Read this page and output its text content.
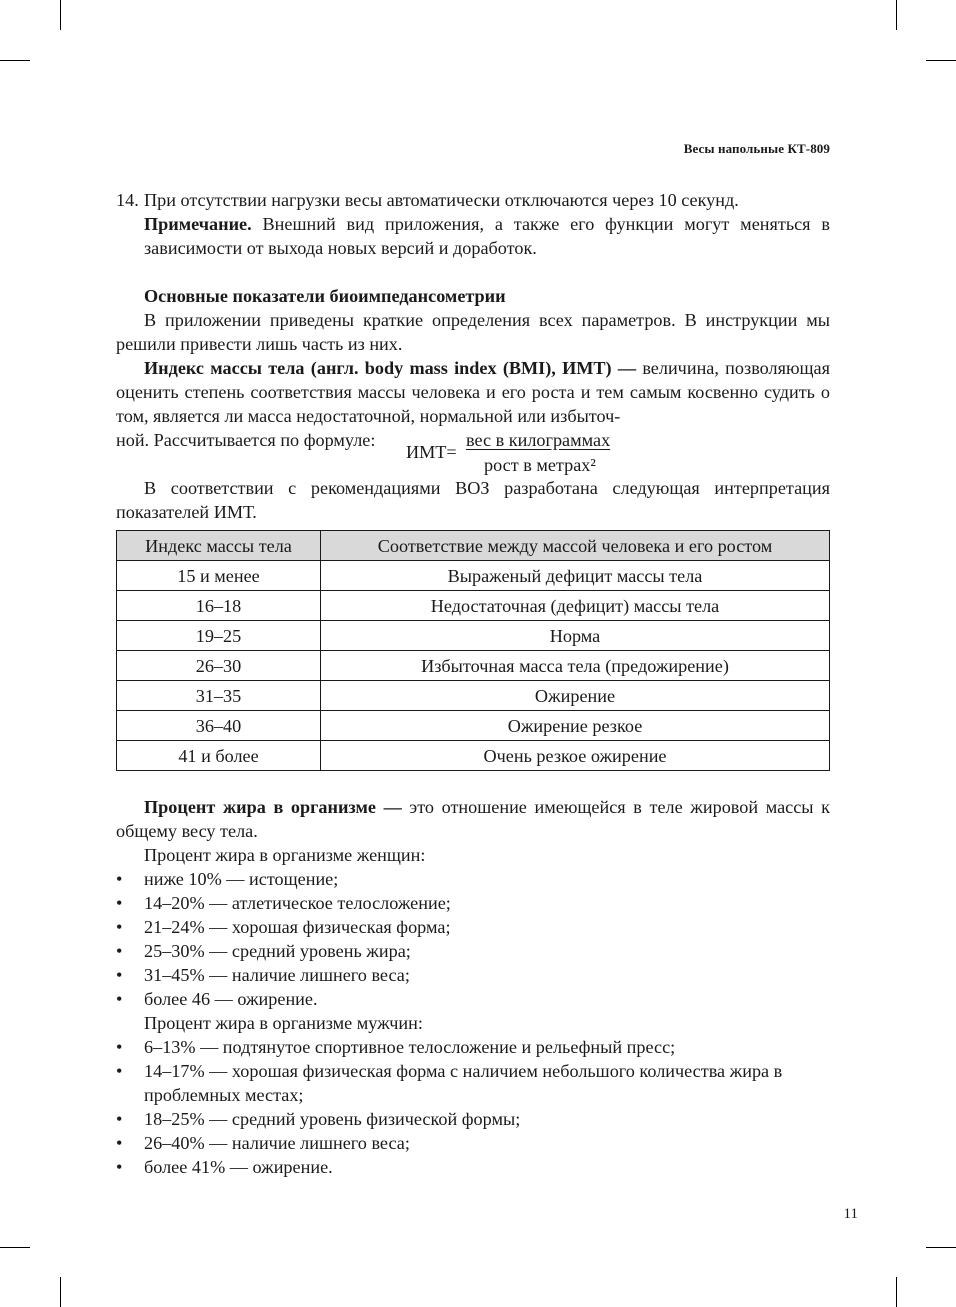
Весы напольные КТ-809

14. При отсутствии нагрузки весы автоматически отключаются через 10 секунд.
Примечание. Внешний вид приложения, а также его функции могут меняться в зависимости от выхода новых версий и доработок.

Основные показатели биоимпедансометрии

В приложении приведены краткие определения всех параметров. В инструкции мы решили привести лишь часть из них.

Индекс массы тела (англ. body mass index (BMI), ИМТ) — величина, позволяющая оценить степень соответствия массы человека и его роста и тем самым косвенно судить о том, является ли масса недостаточной, нормальной или избыточ-

ной. Рассчитывается по формуле:
ИМТ=
вес в килограммах
рост в метрах²

В соответствии с рекомендациями ВОЗ разработана следующая интерпретация показателей ИМТ.

Индекс массы тела	Соответствие между массой человека и его ростом
15 и менее	Выраженый дефицит массы тела
16–18	Недостаточная (дефицит) массы тела
19–25	Норма
26–30	Избыточная масса тела (предожирение)
31–35	Ожирение
36–40	Ожирение резкое
41 и более	Очень резкое ожирение

Процент жира в организме — это отношение имеющейся в теле жировой массы к общему весу тела.

Процент жира в организме женщин:

• ниже 10% — истощение;
• 14–20% — атлетическое телосложение;
• 21–24% — хорошая физическая форма;
• 25–30% — средний уровень жира;
• 31–45% — наличие лишнего веса;
• более 46 — ожирение.

Процент жира в организме мужчин:

• 6–13% — подтянутое спортивное телосложение и рельефный пресс;
• 14–17% — хорошая физическая форма с наличием небольшого количества жира в проблемных местах;
• 18–25% — средний уровень физической формы;
• 26–40% — наличие лишнего веса;
• более 41% — ожирение.
11
